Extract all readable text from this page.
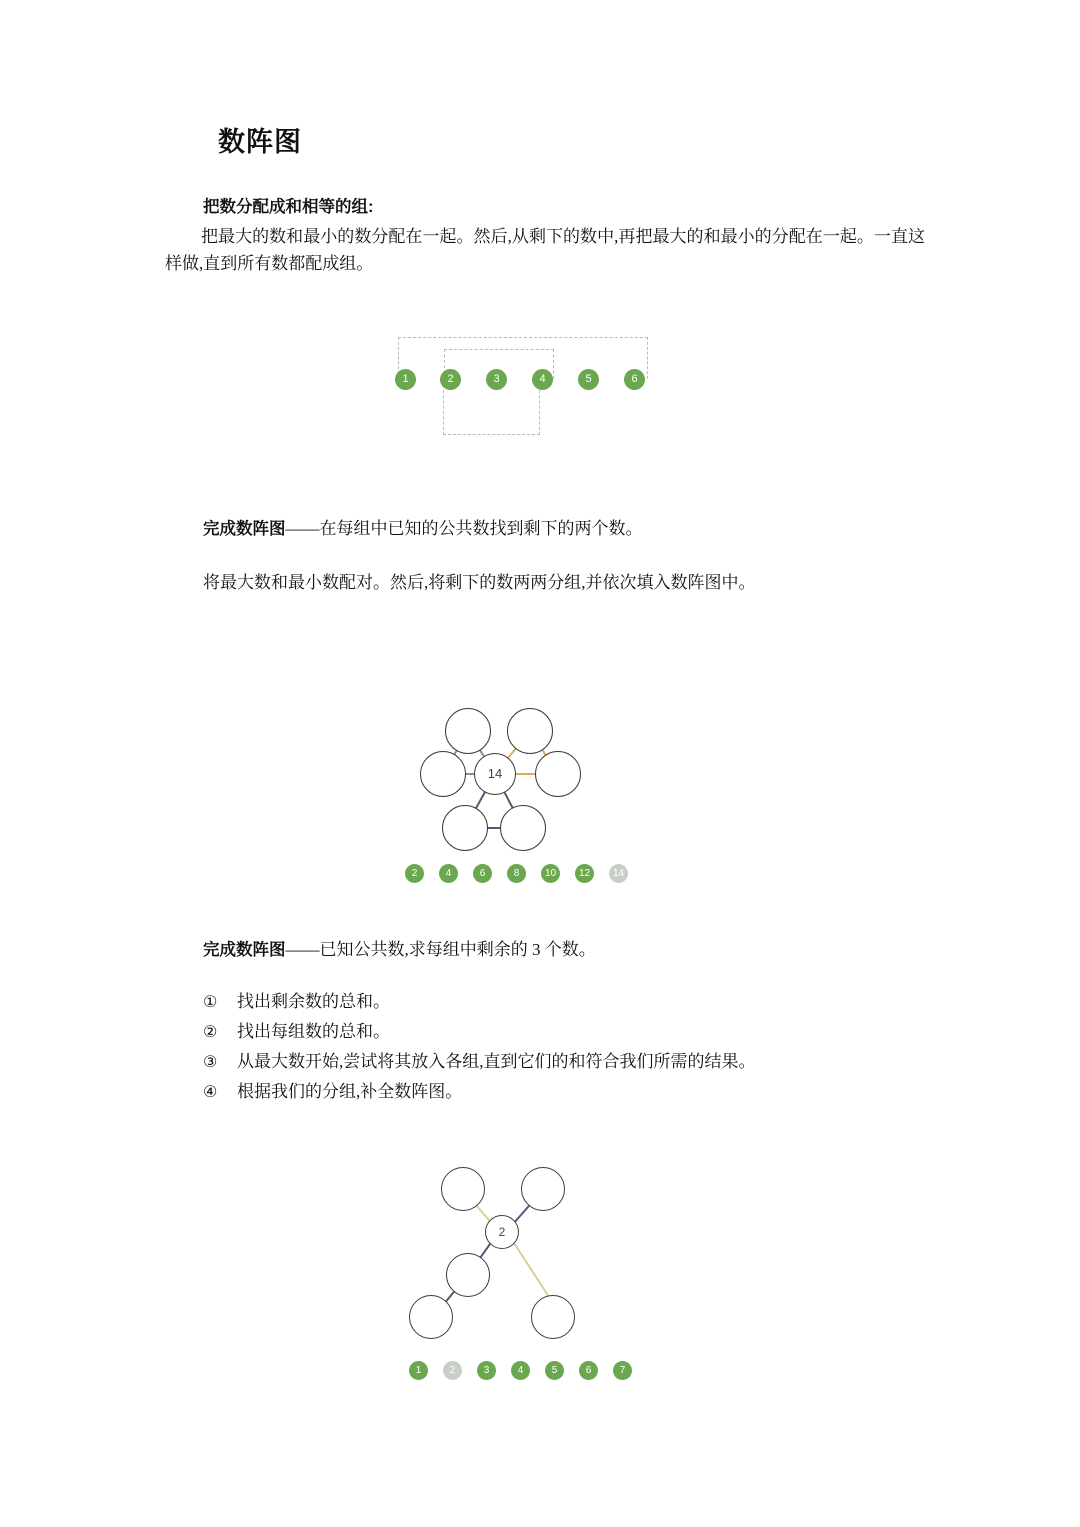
数阵图
把数分配成和相等的组:

把最大的数和最小的数分配在一起。然后,从剩下的数中,再把最大的和最小的分配在一起。一直这样做,直到所有数都配成组。

1	2	3	4	5	6
完成数阵图——在每组中已知的公共数找到剩下的两个数。

将最大数和最小数配对。然后,将剩下的数两两分组,并依次填入数阵图中。

14
2	4	6	8	10	12	14
完成数阵图——已知公共数,求每组中剩余的 3 个数。
①	找出剩余数的总和。
②	找出每组数的总和。
③	从最大数开始,尝试将其放入各组,直到它们的和符合我们所需的结果。
④	根据我们的分组,补全数阵图。
2
1	2	3	4	5	6	7
